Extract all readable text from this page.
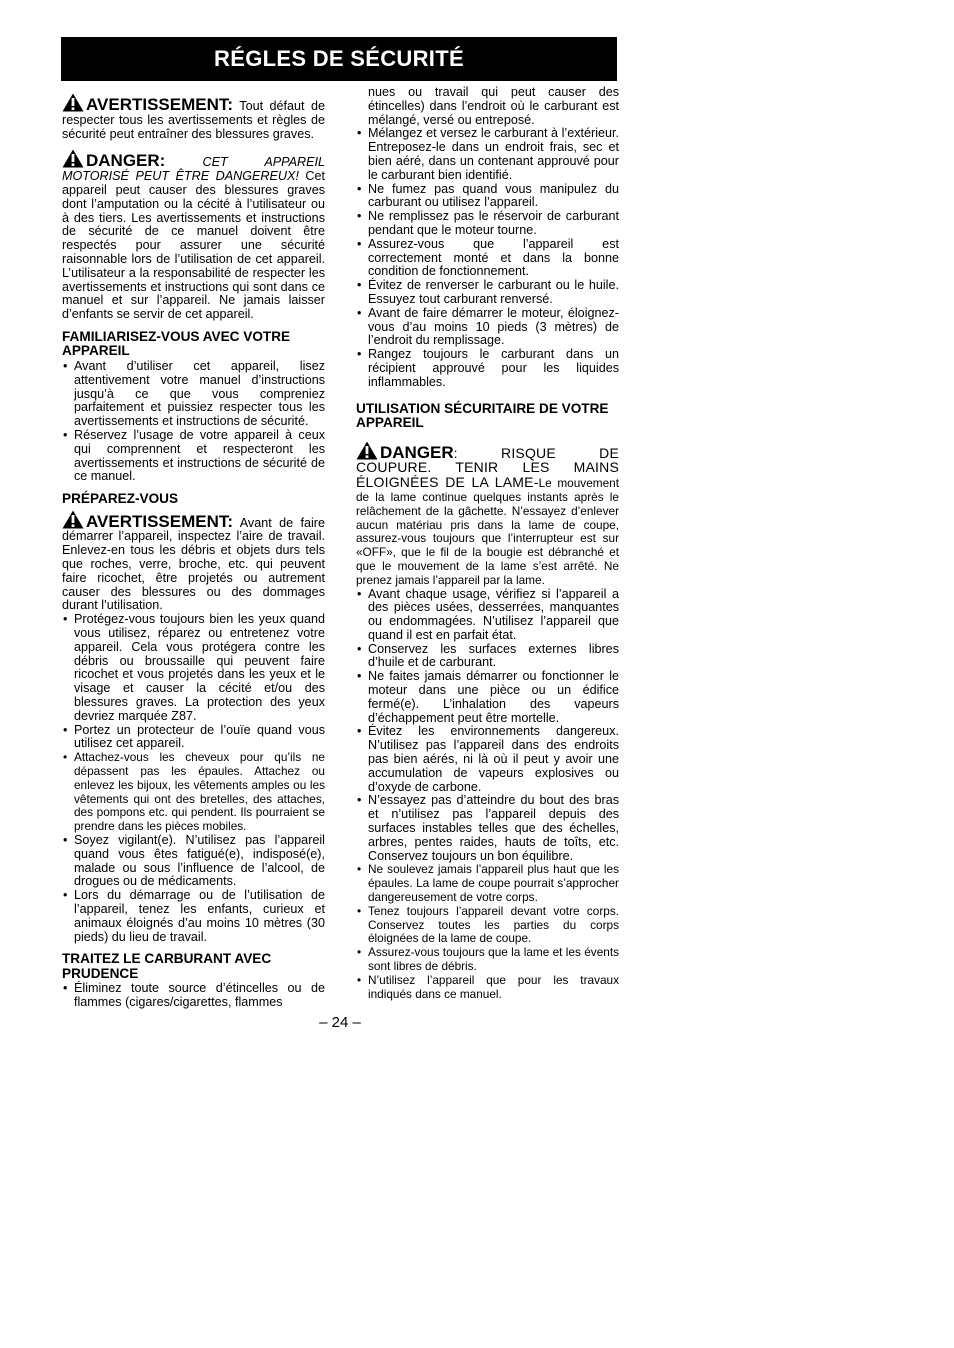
RÉGLES DE SÉCURITÉ

AVERTISSEMENT: Tout défaut de respecter tous les avertissements et règles de sécurité peut entraîner des blessures graves.

DANGER:	CET APPAREIL MOTORISÉ PEUT ÊTRE DANGEREUX! Cet appareil peut causer des blessures graves dont l’amputation ou la cécité à l’utilisateur ou à des tiers. Les avertissements et instructions de sécurité de ce manuel doivent être respectés pour assurer une sécurité raisonnable lors de l’utilisation de cet appareil. L’utilisateur a la responsabilité de respecter les avertissements et instructions qui sont dans ce manuel et sur l’appareil. Ne jamais laisser d’enfants se servir de cet appareil.

FAMILIARISEZ-VOUS AVEC VOTRE APPAREIL
• Avant d’utiliser cet appareil, lisez attentivement votre manuel d’instructions jusqu’à ce que vous compreniez parfaitement et puissiez respecter tous les avertissements et instructions de sécurité.
• Réservez l’usage de votre appareil à ceux qui comprennent et respecteront les avertissements et instructions de sécurité de ce manuel.
PRÉPAREZ-VOUS

AVERTISSEMENT: Avant de faire démarrer l’appareil, inspectez l’aire de travail. Enlevez-en tous les débris et objets durs tels que roches, verre, broche, etc. qui peuvent faire ricochet, être projetés ou autrement causer des blessures ou des dommages durant l’utilisation.

• Protégez-vous toujours bien les yeux quand vous utilisez, réparez ou entretenez votre appareil. Cela vous protégera contre les débris ou broussaille qui peuvent faire ricochet et vous projetés dans les yeux et le visage et causer la cécité et/ou des blessures graves. La protection des yeux devriez marquée Z87.
• Portez un protecteur de l’ouïe quand vous utilisez cet appareil.
• Attachez-vous les cheveux pour qu’ils ne dépassent pas les épaules. Attachez ou enlevez les bijoux, les vêtements amples ou les vêtements qui ont des bretelles, des attaches, des pompons etc. qui pendent. Ils pourraient se prendre dans les pièces mobiles.
• Soyez vigilant(e). N’utilisez pas l’appareil quand vous êtes fatigué(e), indisposé(e), malade ou sous l’influence de l’alcool, de drogues ou de médicaments.
• Lors du démarrage ou de l’utilisation de l’appareil, tenez les enfants, curieux et animaux éloignés d’au moins 10 mètres (30 pieds) du lieu de travail.
TRAITEZ LE CARBURANT AVEC PRUDENCE
• Éliminez toute source d’étincelles ou de flammes (cigares/cigarettes, flammes

nues ou travail qui peut causer des étincelles) dans l’endroit où le carburant est mélangé, versé ou entreposé.

• Mélangez et versez le carburant à l’extérieur. Entreposez-le dans un endroit frais, sec et bien aéré, dans un contenant approuvé pour le carburant bien identifié.
• Ne fumez pas quand vous manipulez du carburant ou utilisez l’appareil.
• Ne remplissez pas le réservoir de carburant pendant que le moteur tourne.
• Assurez-vous que l’appareil est correctement monté et dans la bonne condition de fonctionnement.
• Évitez de renverser le carburant ou le huile. Essuyez tout carburant renversé.
• Avant de faire démarrer le moteur, éloignez-vous d’au moins 10 pieds (3 mètres) de l’endroit du remplissage.
• Rangez toujours le carburant dans un récipient approuvé pour les liquides inflammables.
UTILISATION SÉCURITAIRE DE VOTRE APPAREIL

DANGER: RISQUE DE COUPURE. TENIR LES MAINS ÉLOIGNÉES DE LA LAME-Le mouvement de la lame continue quelques instants après le relâchement de la gâchette. N’essayez d’enlever aucun matériau pris dans la lame de coupe, assurez-vous toujours que l’interrupteur est sur «OFF», que le fil de la bougie est débranché et que le mouvement de la lame s’est arrêté. Ne prenez jamais l’appareil par la lame.

• Avant chaque usage, vérifiez si l’appareil a des pièces usées, desserrées, manquantes ou endommagées. N’utilisez l’appareil que quand il est en parfait état.
• Conservez les surfaces externes libres d’huile et de carburant.
• Ne faites jamais démarrer ou fonctionner le moteur dans une pièce ou un édifice fermé(e). L’inhalation des vapeurs d’échappement peut être mortelle.
• Évitez les environnements dangereux. N’utilisez pas l’appareil dans des endroits pas bien aérés, ni là où il peut y avoir une accumulation de vapeurs explosives ou d’oxyde de carbone.
• N’essayez pas d’atteindre du bout des bras et n’utilisez pas l’appareil depuis des surfaces instables telles que des échelles, arbres, pentes raides, hauts de toîts, etc. Conservez toujours un bon équilibre.
• Ne soulevez jamais l’appareil plus haut que les épaules. La lame de coupe pourrait s’approcher dangereusement de votre corps.
• Tenez toujours l’appareil devant votre corps. Conservez toutes les parties du corps éloignées de la lame de coupe.
• Assurez-vous toujours que la lame et les évents sont libres de débris.
• N’utilisez l’appareil que pour les travaux indiqués dans ce manuel.
– 24 –
